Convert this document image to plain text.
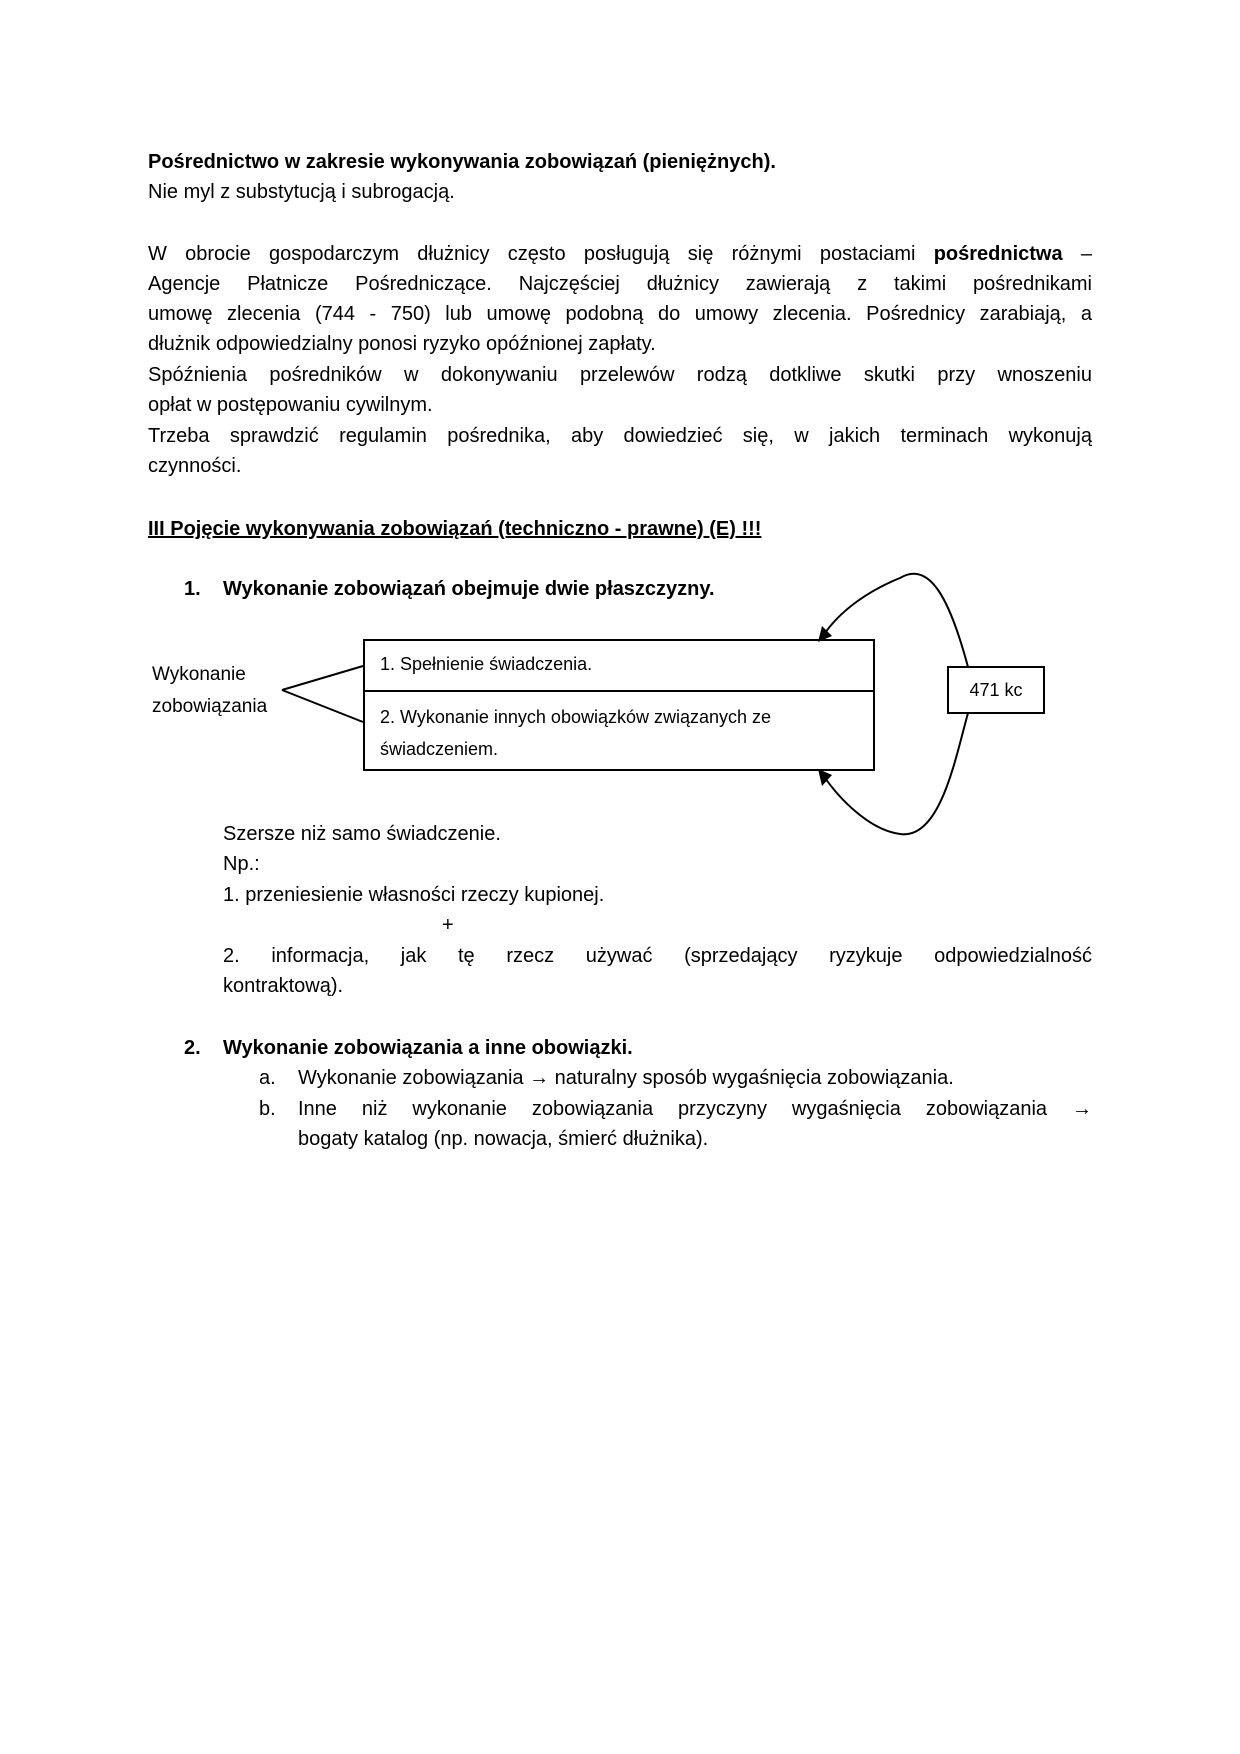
Pośrednictwo w zakresie wykonywania zobowiązań (pieniężnych).
Nie myl z substytucją i subrogacją.
W obrocie gospodarczym dłużnicy często posługują się różnymi postaciami pośrednictwa –
Agencje Płatnicze Pośredniczące. Najczęściej dłużnicy zawierają z takimi pośrednikami
umowę zlecenia (744 - 750) lub umowę podobną do umowy zlecenia. Pośrednicy zarabiają, a
dłużnik odpowiedzialny ponosi ryzyko opóźnionej zapłaty.
Spóźnienia pośredników w dokonywaniu przelewów rodzą dotkliwe skutki przy wnoszeniu
opłat w postępowaniu cywilnym.
Trzeba sprawdzić regulamin pośrednika, aby dowiedzieć się, w jakich terminach wykonują
czynności.
III Pojęcie wykonywania zobowiązań (techniczno - prawne) (E) !!!
1. Wykonanie zobowiązań obejmuje dwie płaszczyzny.
Wykonanie
zobowiązania
1. Spełnienie świadczenia.
2. Wykonanie innych obowiązków związanych ze
świadczeniem.
471 kc
Szersze niż samo świadczenie.
Np.:
1. przeniesienie własności rzeczy kupionej.
+
2. informacja, jak tę rzecz używać (sprzedający ryzykuje odpowiedzialność
kontraktową).
2. Wykonanie zobowiązania a inne obowiązki.
a. Wykonanie zobowiązania → naturalny sposób wygaśnięcia zobowiązania.
b. Inne niż wykonanie zobowiązania przyczyny wygaśnięcia zobowiązania →
bogaty katalog (np. nowacja, śmierć dłużnika).
